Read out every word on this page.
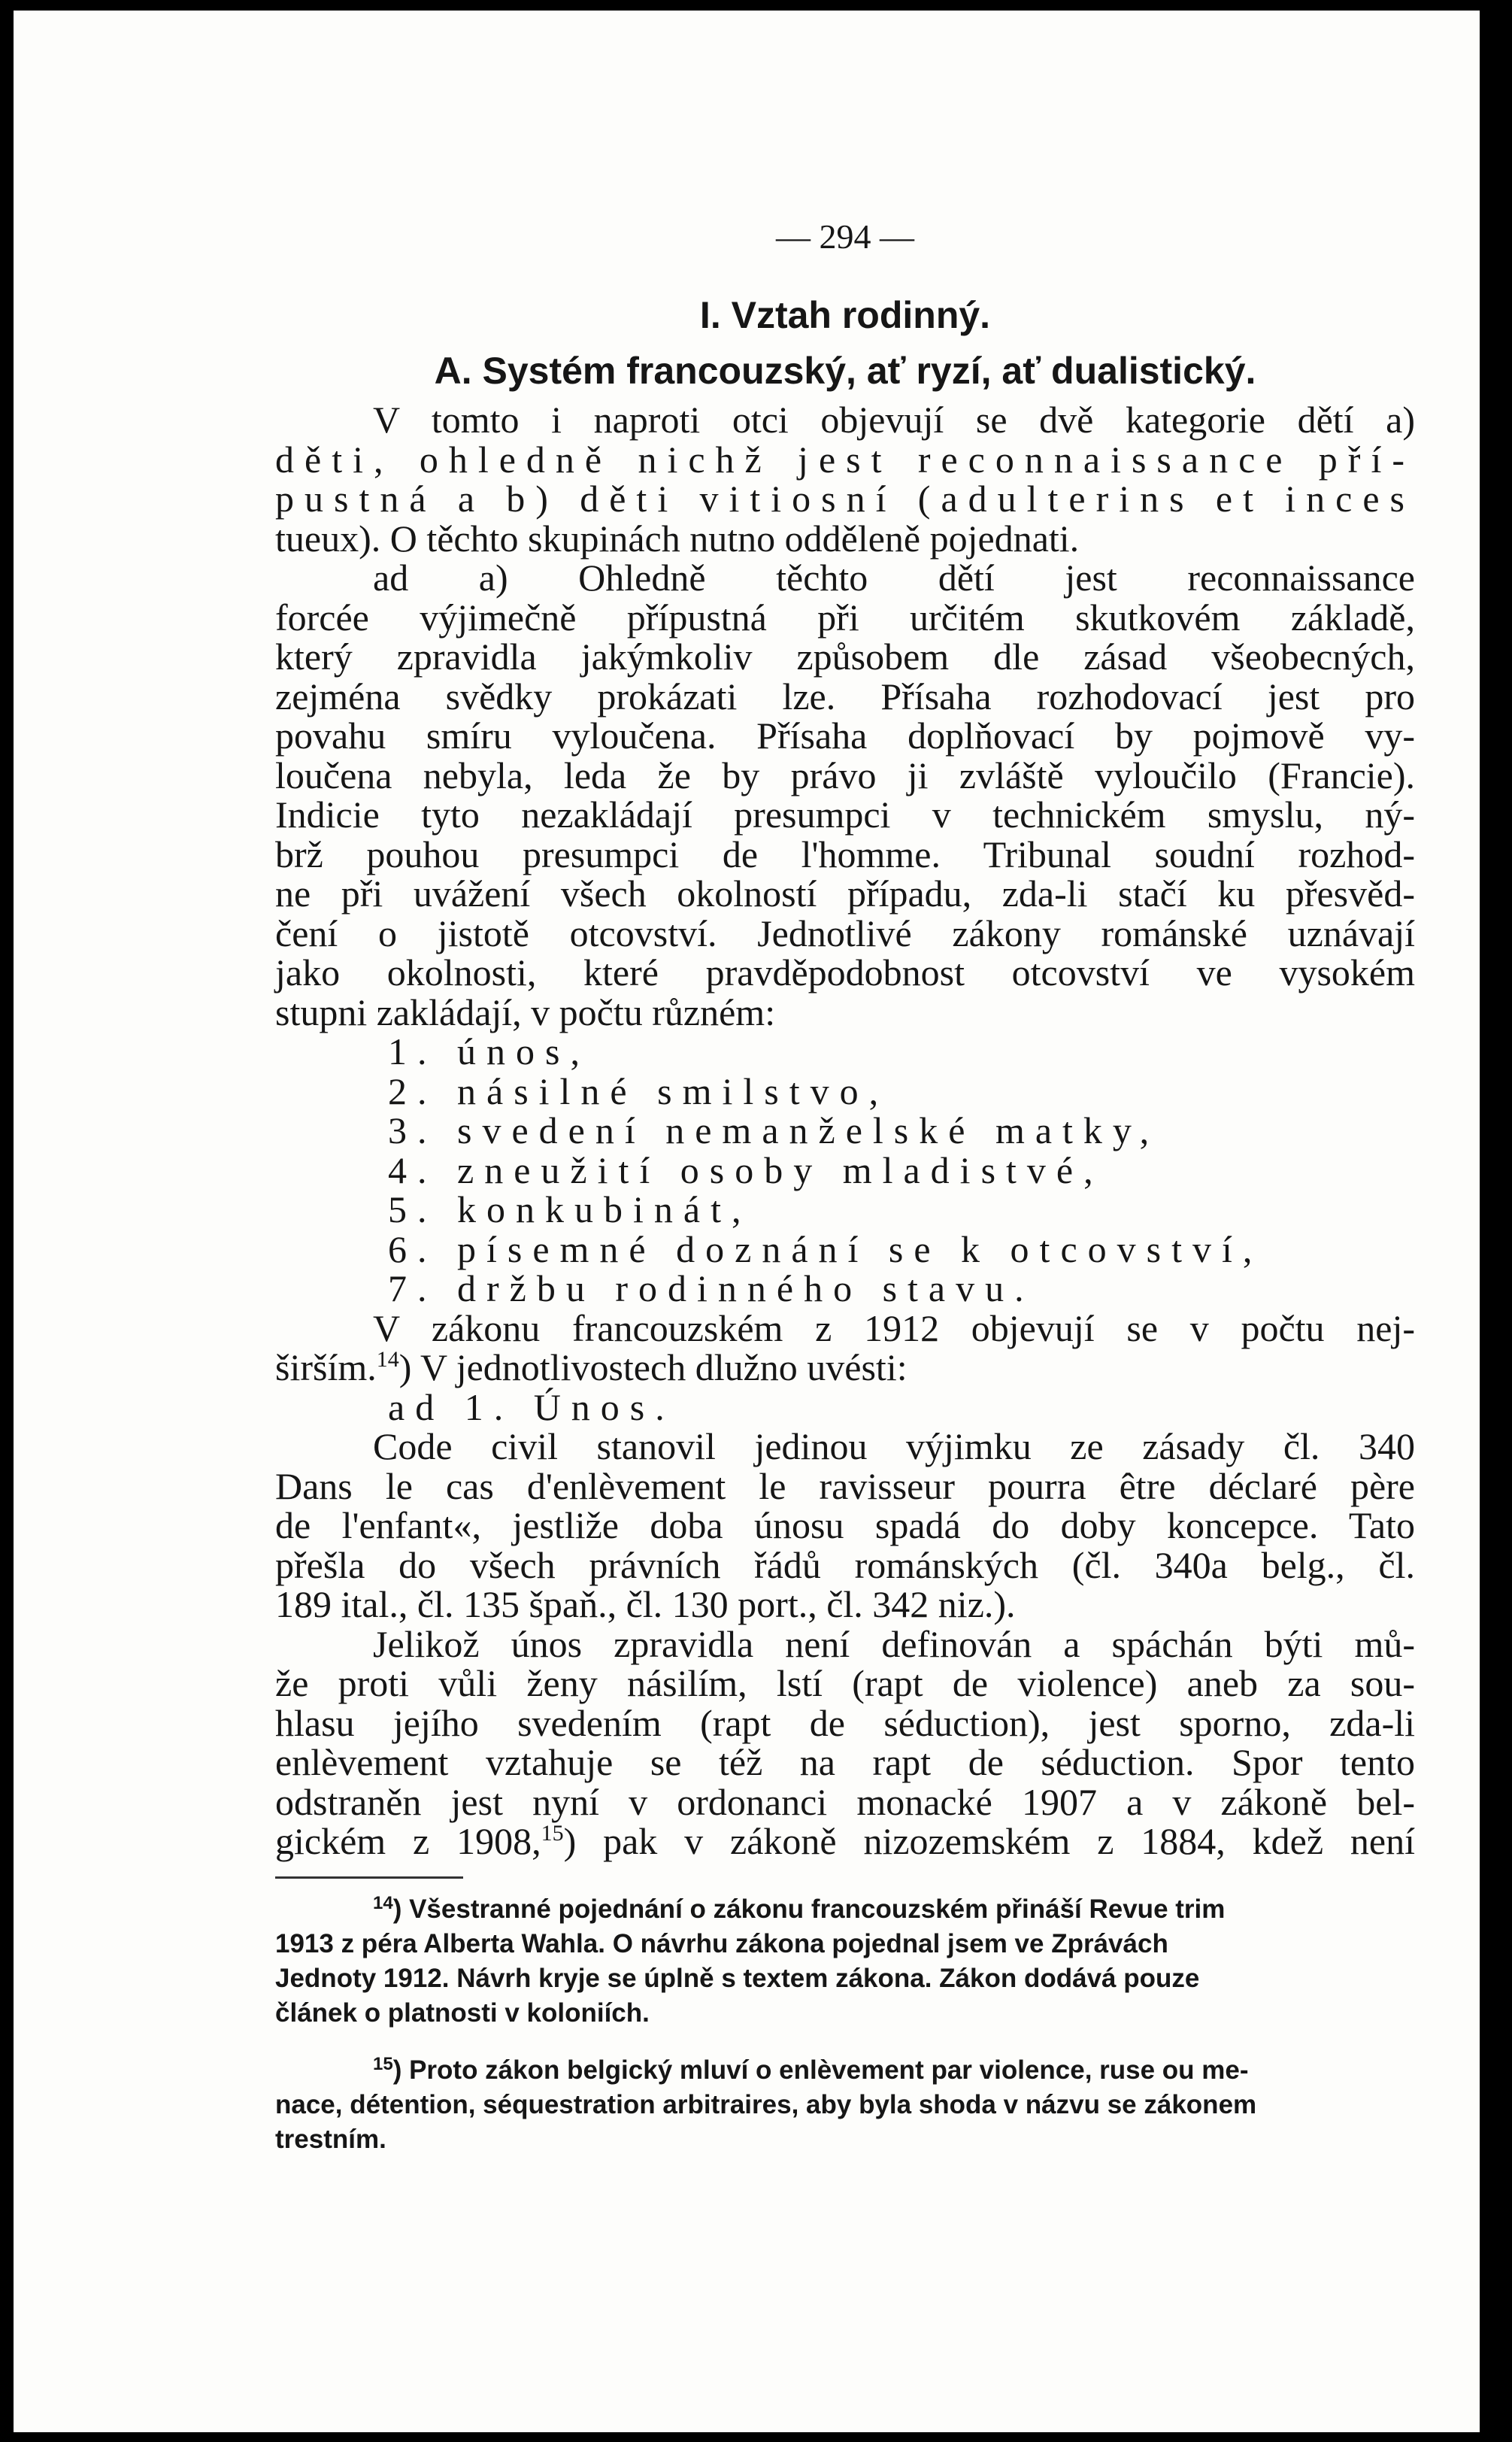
— 294 —
I. Vztah rodinný.
A. Systém francouzský, ať ryzí, ať dualistický.
V tomto i naproti otci objevují se dvě kategorie dětí a)
děti, ohledně nichž jest reconnaissance pří-
pustná a b) děti vitiosní (adulterins et inces
tueux). O těchto skupinách nutno odděleně pojednati.
ad a) Ohledně těchto dětí jest reconnaissance
forcée výjimečně přípustná při určitém skutkovém základě,
který zpravidla jakýmkoliv způsobem dle zásad všeobecných,
zejména svědky prokázati lze. Přísaha rozhodovací jest pro
povahu smíru vyloučena. Přísaha doplňovací by pojmově vy-
loučena nebyla, leda že by právo ji zvláště vyloučilo (Francie).
Indicie tyto nezakládají presumpci v technickém smyslu, ný-
brž pouhou presumpci de l'homme. Tribunal soudní rozhod-
ne při uvážení všech okolností případu, zda-li stačí ku přesvěd-
čení o jistotě otcovství. Jednotlivé zákony románské uznávají
jako okolnosti, které pravděpodobnost otcovství ve vysokém
stupni zakládají, v počtu různém:
1. únos,
2. násilné smilstvo,
3. svedení nemanželské matky,
4. zneužití osoby mladistvé,
5. konkubinát,
6. písemné doznání se k otcovství,
7. držbu rodinného stavu.
V zákonu francouzském z 1912 objevují se v počtu nej-
širším.$^{14}$) V jednotlivostech dlužno uvésti:
ad 1. Únos.
Code civil stanovil jedinou výjimku ze zásady čl. 340
Dans le cas d'enlèvement le ravisseur pourra être déclaré père
de l'enfant«, jestliže doba únosu spadá do doby koncepce. Tato
přešla do všech právních řádů románských (čl. 340a belg., čl.
189 ital., čl. 135 špaň., čl. 130 port., čl. 342 niz.).
Jelikož únos zpravidla není definován a spáchán býti mů-
že proti vůli ženy násilím, lstí (rapt de violence) aneb za sou-
hlasu jejího svedením (rapt de séduction), jest sporno, zda-li
enlèvement vztahuje se též na rapt de séduction. Spor tento
odstraněn jest nyní v ordonanci monacké 1907 a v zákoně bel-
gickém z 1908,15) pak v zákoně nizozemském z 1884, kdež není
$^{14}$) Všestranné pojednání o zákonu francouzském přináší Revue trim
1913 z péra Alberta Wahla. O návrhu zákona pojednal jsem ve Zprávách
Jednoty 1912. Návrh kryje se úplně s textem zákona. Zákon dodává pouze
článek o platnosti v koloniích.
$^{15}$) Proto zákon belgický mluví o enlèvement par violence, ruse ou me-
nace, détention, séquestration arbitraires, aby byla shoda v názvu se zákonem
trestním.
